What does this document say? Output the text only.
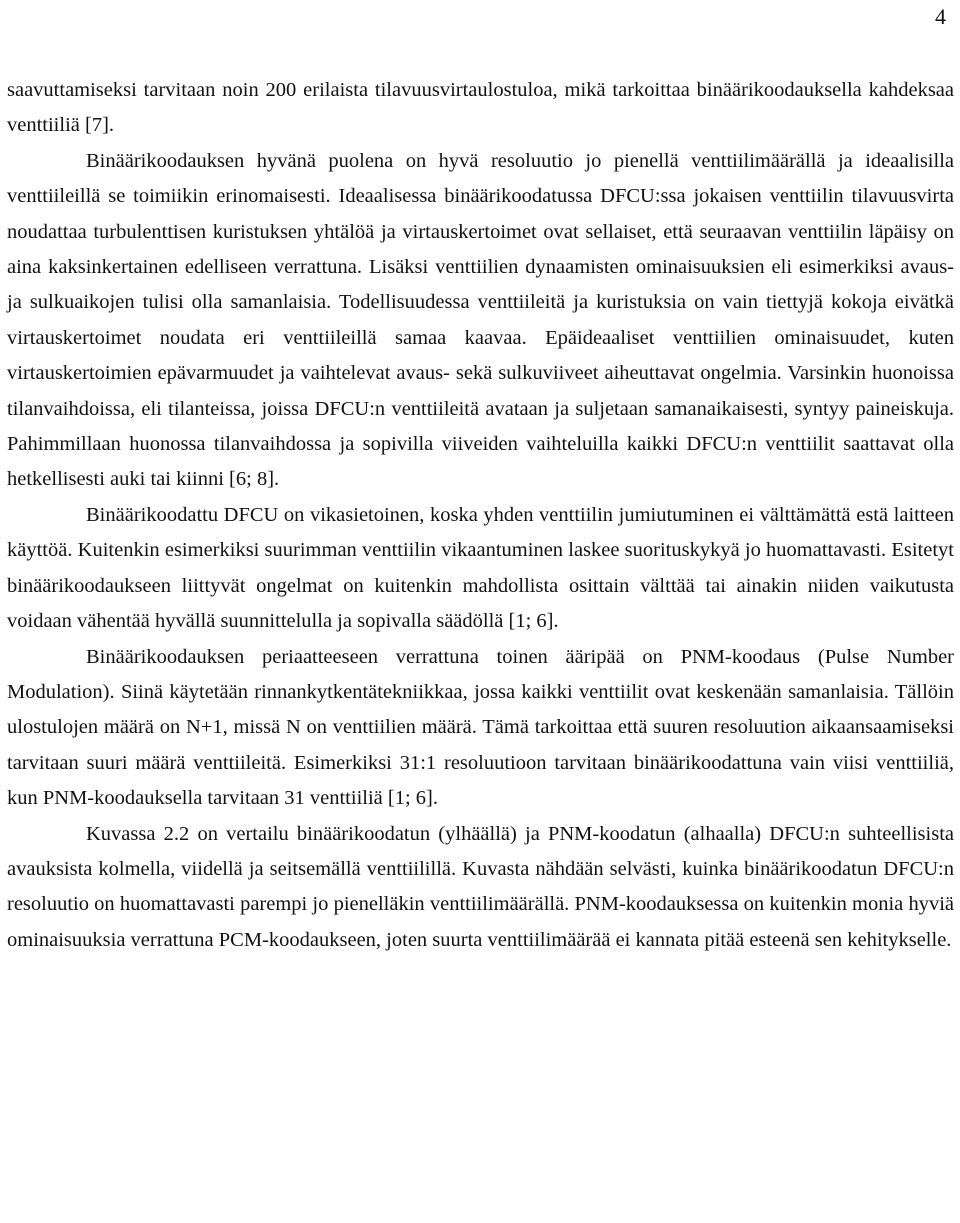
4

saavuttamiseksi tarvitaan noin 200 erilaista tilavuusvirtaulostuloa, mikä tarkoittaa binäärikoodauksella kahdeksaa venttiiliä [7].

Binäärikoodauksen hyvänä puolena on hyvä resoluutio jo pienellä venttiilimäärällä ja ideaalisilla venttiileillä se toimiikin erinomaisesti. Ideaalisessa binäärikoodatussa DFCU:ssa jokaisen venttiilin tilavuusvirta noudattaa turbulenttisen kuristuksen yhtälöä ja virtauskertoimet ovat sellaiset, että seuraavan venttiilin läpäisy on aina kaksinkertainen edelliseen verrattuna. Lisäksi venttiilien dynaamisten ominaisuuksien eli esimerkiksi avaus- ja sulkuaikojen tulisi olla samanlaisia. Todellisuudessa venttiileitä ja kuristuksia on vain tiettyjä kokoja eivätkä virtauskertoimet noudata eri venttiileillä samaa kaavaa. Epäideaaliset venttiilien ominaisuudet, kuten virtauskertoimien epävarmuudet ja vaihtelevat avaus- sekä sulkuviiveet aiheuttavat ongelmia. Varsinkin huonoissa tilanvaihdoissa, eli tilanteissa, joissa DFCU:n venttiileitä avataan ja suljetaan samanaikaisesti, syntyy paineiskuja. Pahimmillaan huonossa tilanvaihdossa ja sopivilla viiveiden vaihteluilla kaikki DFCU:n venttiilit saattavat olla hetkellisesti auki tai kiinni [6; 8].

Binäärikoodattu DFCU on vikasietoinen, koska yhden venttiilin jumiutuminen ei välttämättä estä laitteen käyttöä. Kuitenkin esimerkiksi suurimman venttiilin vikaantuminen laskee suorituskykyä jo huomattavasti. Esitetyt binäärikoodaukseen liittyvät ongelmat on kuitenkin mahdollista osittain välttää tai ainakin niiden vaikutusta voidaan vähentää hyvällä suunnittelulla ja sopivalla säädöllä [1; 6].

Binäärikoodauksen periaatteeseen verrattuna toinen ääripää on PNM-koodaus (Pulse Number Modulation). Siinä käytetään rinnankytkentätekniikkaa, jossa kaikki venttiilit ovat keskenään samanlaisia. Tällöin ulostulojen määrä on N+1, missä N on venttiilien määrä. Tämä tarkoittaa että suuren resoluution aikaansaamiseksi tarvitaan suuri määrä venttiileitä. Esimerkiksi 31:1 resoluutioon tarvitaan binäärikoodattuna vain viisi venttiiliä, kun PNM-koodauksella tarvitaan 31 venttiiliä [1; 6].

Kuvassa 2.2 on vertailu binäärikoodatun (ylhäällä) ja PNM-koodatun (alhaalla) DFCU:n suhteellisista avauksista kolmella, viidellä ja seitsemällä venttiilillä. Kuvasta nähdään selvästi, kuinka binäärikoodatun DFCU:n resoluutio on huomattavasti parempi jo pienelläkin venttiilimäärällä. PNM-koodauksessa on kuitenkin monia hyviä ominaisuuksia verrattuna PCM-koodaukseen, joten suurta venttiilimäärää ei kannata pitää esteenä sen kehitykselle.
